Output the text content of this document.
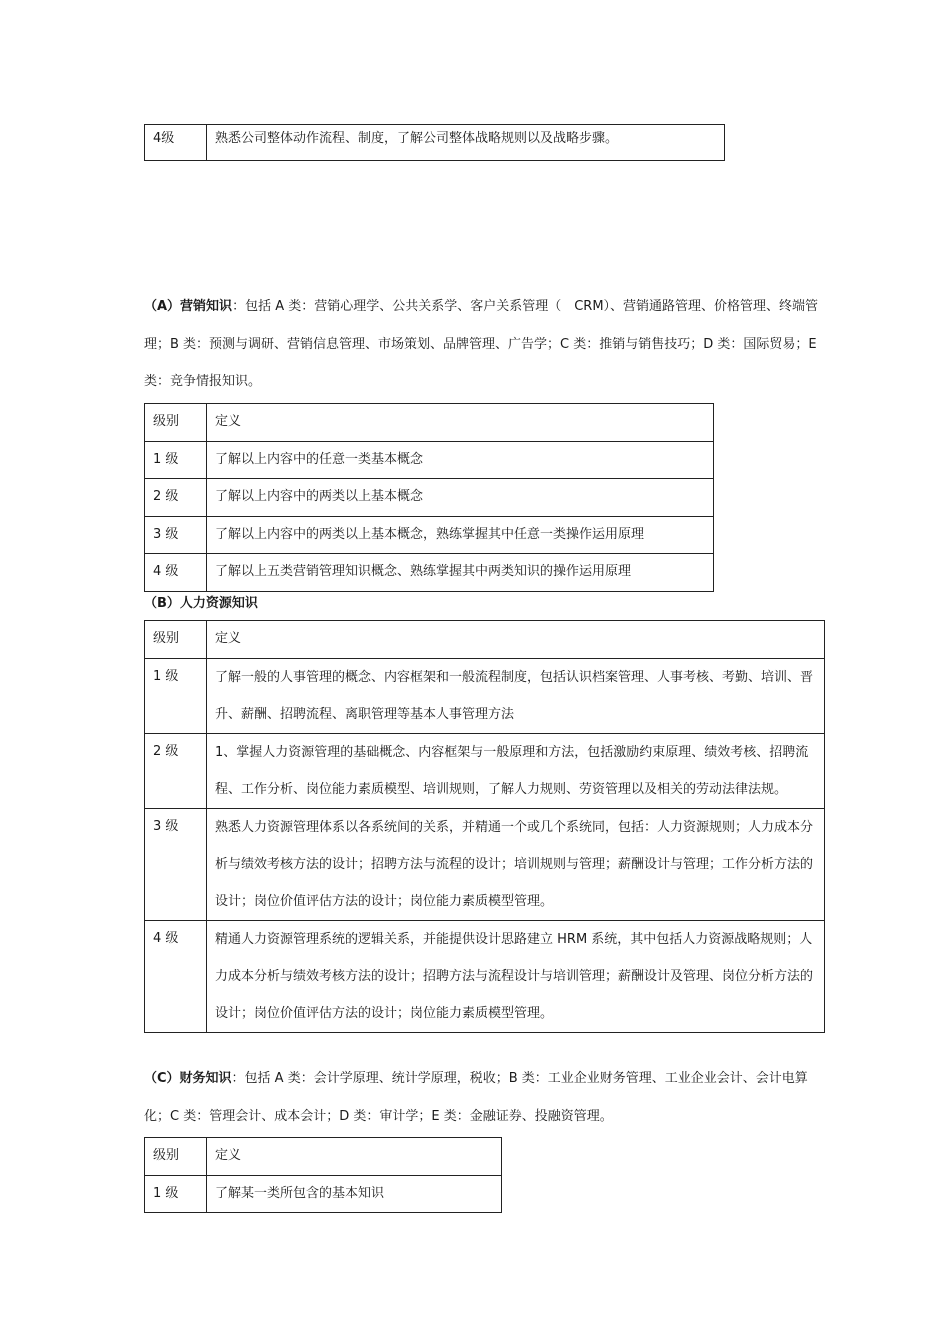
4级	熟悉公司整体动作流程、制度，了解公司整体战略规则以及战略步骤。
（A）营销知识：包括 A 类：营销心理学、公共关系学、客户关系管理（　CRM）、营销通路管理、价格管理、终端管理；B 类：预测与调研、营销信息管理、市场策划、品牌管理、广告学；C 类：推销与销售技巧；D 类：国际贸易；E 类：竞争情报知识。
级别	定义
1 级	了解以上内容中的任意一类基本概念
2 级	了解以上内容中的两类以上基本概念
3 级	了解以上内容中的两类以上基本概念，熟练掌握其中任意一类操作运用原理
4 级	了解以上五类营销管理知识概念、熟练掌握其中两类知识的操作运用原理
（B）人力资源知识
级别	定义
1 级	了解一般的人事管理的概念、内容框架和一般流程制度，包括认识档案管理、人事考核、考勤、培训、晋升、薪酬、招聘流程、离职管理等基本人事管理方法
2 级	1、掌握人力资源管理的基础概念、内容框架与一般原理和方法，包括激励约束原理、绩效考核、招聘流程、工作分析、岗位能力素质模型、培训规则，了解人力规则、劳资管理以及相关的劳动法律法规。
3 级	熟悉人力资源管理体系以各系统间的关系，并精通一个或几个系统同，包括：人力资源规则；人力成本分析与绩效考核方法的设计；招聘方法与流程的设计；培训规则与管理；薪酬设计与管理；工作分析方法的设计；岗位价值评估方法的设计；岗位能力素质模型管理。
4 级	精通人力资源管理系统的逻辑关系，并能提供设计思路建立 HRM 系统，其中包括人力资源战略规则；人力成本分析与绩效考核方法的设计；招聘方法与流程设计与培训管理；薪酬设计及管理、岗位分析方法的设计；岗位价值评估方法的设计；岗位能力素质模型管理。
（C）财务知识：包括 A 类：会计学原理、统计学原理，税收；B 类：工业企业财务管理、工业企业会计、会计电算化；C 类：管理会计、成本会计；D 类：审计学；E 类：金融证券、投融资管理。
级别	定义
1 级	了解某一类所包含的基本知识
